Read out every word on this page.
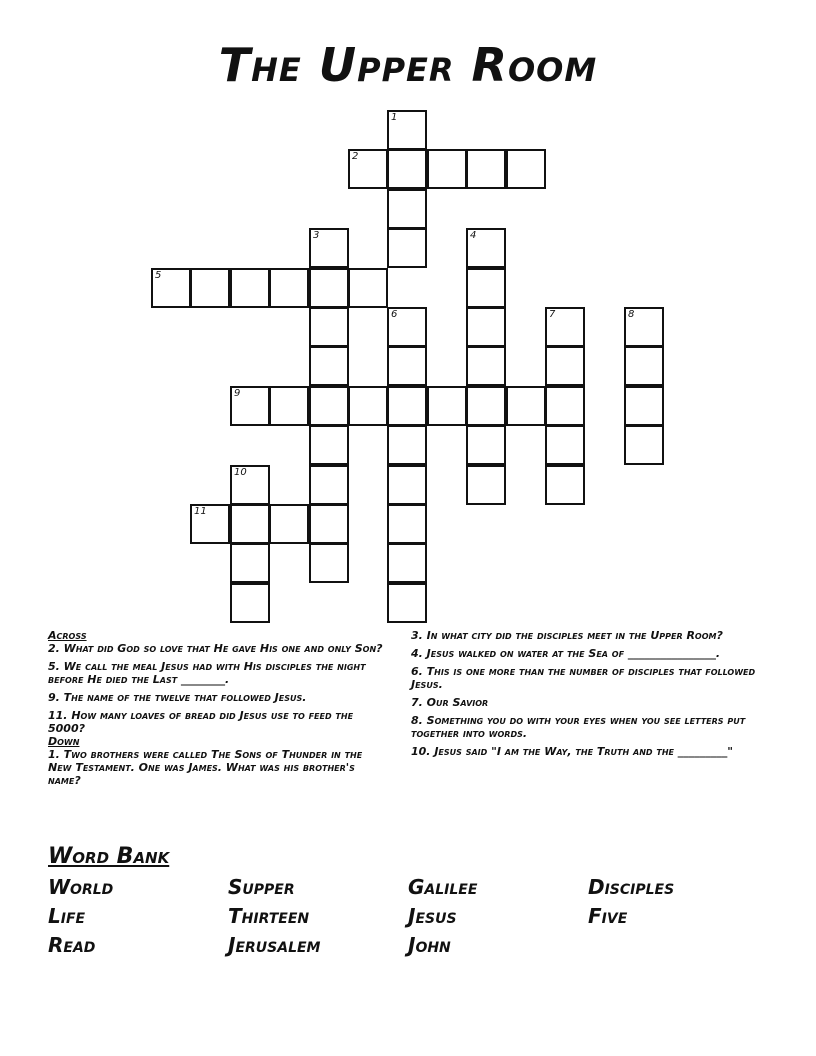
The Upper Room
1
2
3	4
5
6	7	8
9
10
11
Across

2. What did God so love that He gave His one and only Son?

5. We call the meal Jesus had with His disciples the night before He died the Last ________.

9. The name of the twelve that followed Jesus.

11. How many loaves of bread did Jesus use to feed the 5000?

Down

1. Two brothers were called The Sons of Thunder in the New Testament. One was James. What was his brother's name?

3. In what city did the disciples meet in the Upper Room?

4. Jesus walked on water at the Sea of ________________.

6. This is one more than the number of disciples that followed Jesus.

7. Our Savior

8. Something you do with your eyes when you see letters put together into words.

10. Jesus said "I am the Way, the Truth and the _________"

Word Bank
World	Supper	Galilee	Disciples
Life	Thirteen	Jesus	Five
Read	Jerusalem	John
